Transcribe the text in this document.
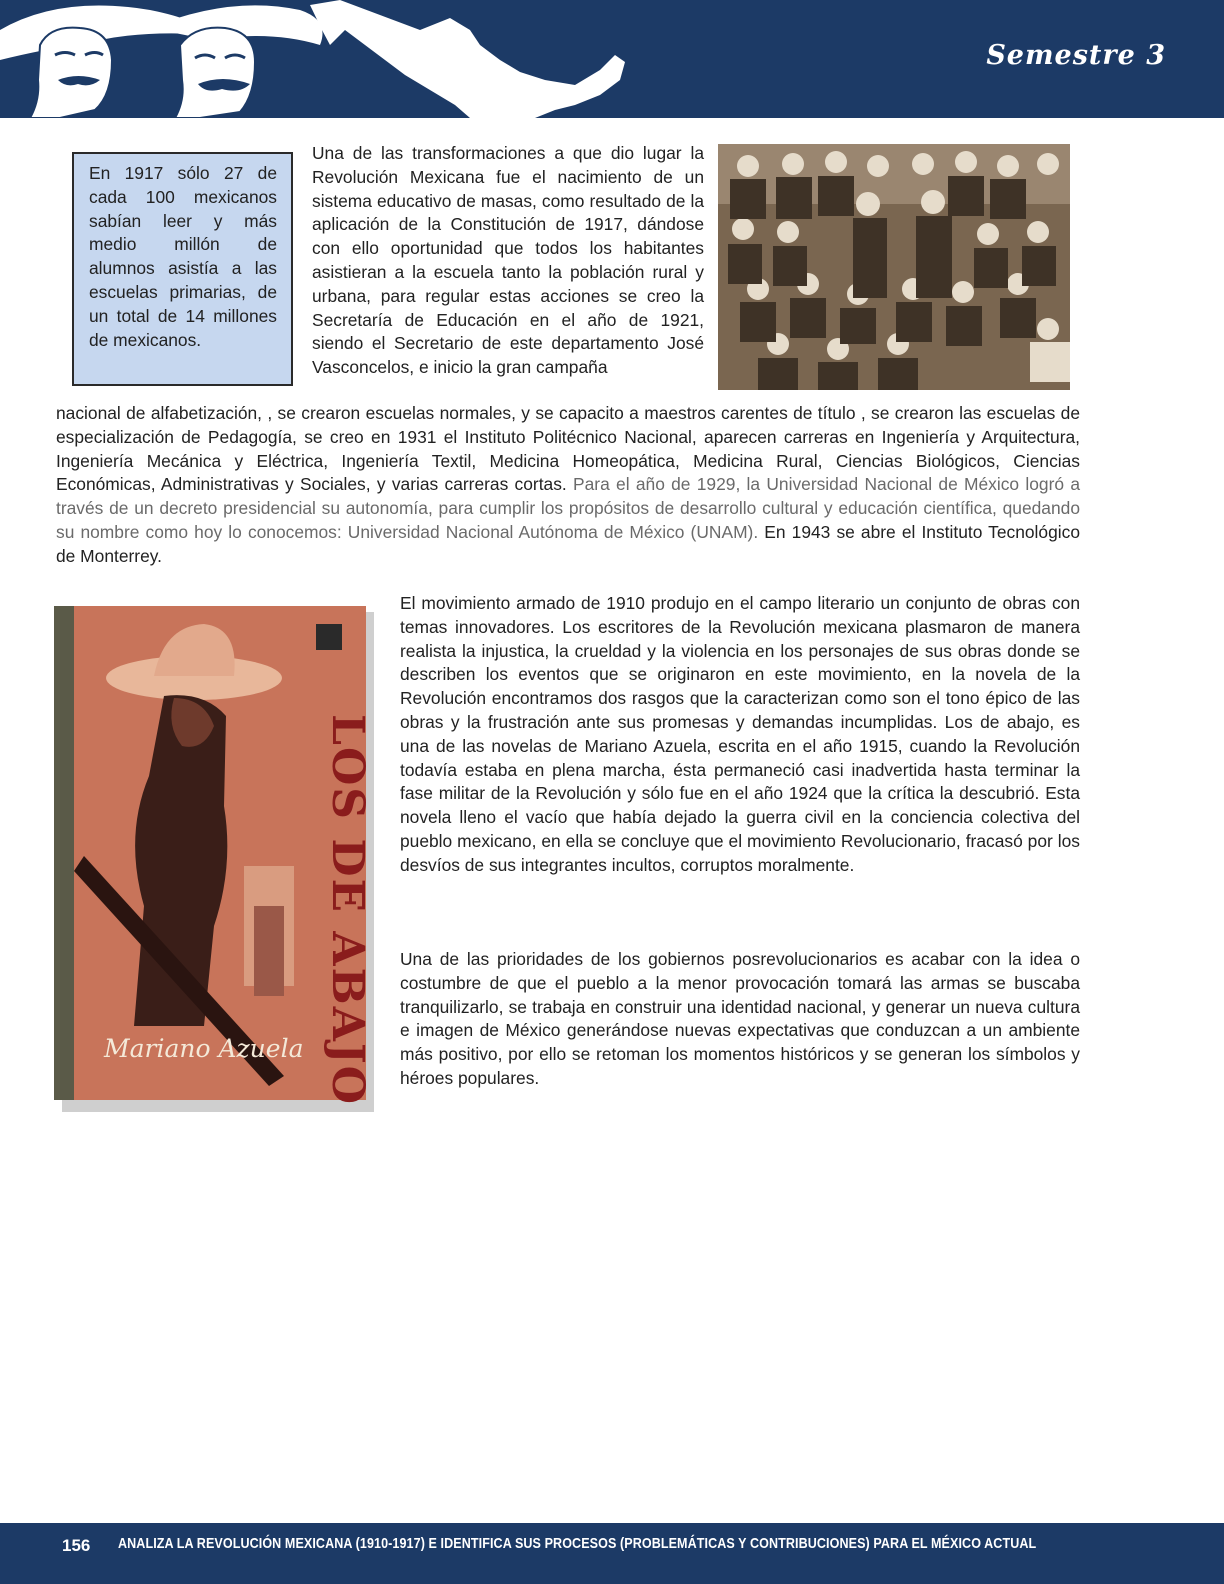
Semestre 3
En 1917 sólo 27 de cada 100 mexicanos sabían leer y más medio millón de alumnos asistía a las escuelas primarias, de un total de 14 millones de mexicanos.
Una de las transformaciones a que dio lugar la Revolución Mexicana fue el nacimiento de un sistema educativo de masas, como resultado de la aplicación de la Constitución de 1917, dándose con ello oportunidad que todos los habitantes asistieran a la escuela tanto la población rural y urbana, para regular estas acciones se creo la Secretaría de Educación en el año de 1921, siendo el Secretario de este departamento José Vasconcelos, e inicio la gran campaña
nacional de alfabetización, , se crearon escuelas normales, y se capacito a maestros carentes de título , se crearon las escuelas de especialización de Pedagogía, se creo en 1931 el Instituto Politécnico Nacional, aparecen carreras en Ingeniería y Arquitectura, Ingeniería Mecánica y Eléctrica, Ingeniería Textil, Medicina Homeopática, Medicina Rural, Ciencias Biológicos, Ciencias Económicas, Administrativas y Sociales, y varias carreras cortas. Para el año de 1929, la Universidad Nacional de México logró a través de un decreto presidencial su autonomía, para cumplir los propósitos de desarrollo cultural y educación científica, quedando su nombre como hoy lo conocemos: Universidad Nacional Autónoma de México (UNAM). En 1943 se abre el Instituto Tecnológico de Monterrey.
LOS DE ABAJO
Mariano Azuela
El movimiento armado de 1910 produjo en el campo literario un conjunto de obras con temas innovadores. Los escritores de la Revolución mexicana plasmaron de manera realista la injustica, la crueldad y la violencia en los personajes de sus obras donde se describen los eventos que se originaron en este movimiento, en la novela de la Revolución encontramos dos rasgos que la caracterizan como son el tono épico de las obras y la frustración ante sus promesas y demandas incumplidas. Los de abajo, es una de las novelas de Mariano Azuela, escrita en el año 1915, cuando la Revolución todavía estaba en plena marcha, ésta permaneció casi inadvertida hasta terminar la fase militar de la Revolución y sólo fue en el año 1924 que la crítica la descubrió. Esta novela lleno el vacío que había dejado la guerra civil en la conciencia colectiva del pueblo mexicano, en ella se concluye que el movimiento Revolucionario, fracasó por los desvíos de sus integrantes incultos, corruptos moralmente.
Una de las prioridades de los gobiernos posrevolucionarios es acabar con la idea o costumbre de que el pueblo a la menor provocación tomará las armas se buscaba tranquilizarlo, se trabaja en construir una identidad nacional, y generar un nueva cultura e imagen de México generándose nuevas expectativas que conduzcan a un ambiente más positivo, por ello se retoman los momentos históricos y se generan los símbolos y héroes populares.
156 ANALIZA LA REVOLUCIÓN MEXICANA (1910-1917) E IDENTIFICA SUS PROCESOS (PROBLEMÁTICAS Y CONTRIBUCIONES) PARA EL MÉXICO ACTUAL
